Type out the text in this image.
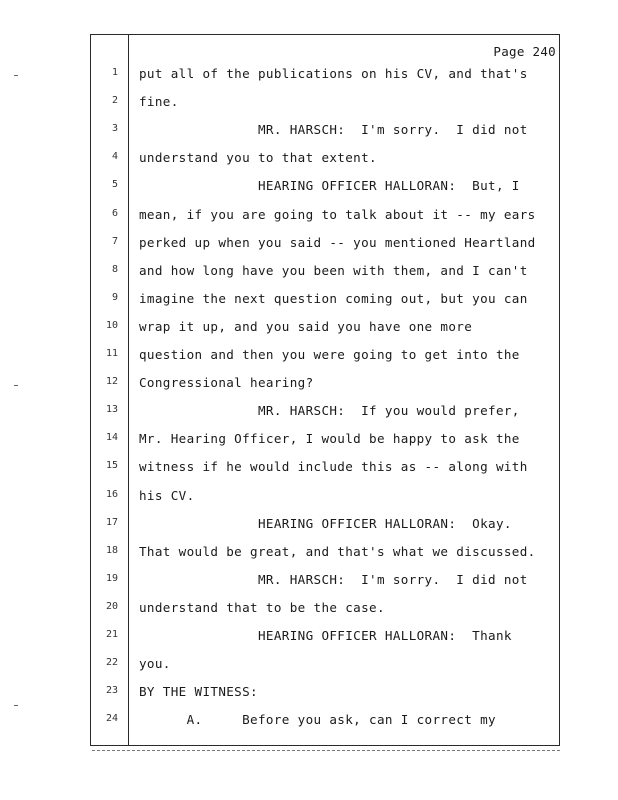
Page 240
1 put all of the publications on his CV, and that's
2 fine.
3 MR. HARSCH:  I'm sorry.  I did not
4 understand you to that extent.
5 HEARING OFFICER HALLORAN:  But, I
6 mean, if you are going to talk about it -- my ears
7 perked up when you said -- you mentioned Heartland
8 and how long have you been with them, and I can't
9 imagine the next question coming out, but you can
10 wrap it up, and you said you have one more
11 question and then you were going to get into the
12 Congressional hearing?
13 MR. HARSCH:  If you would prefer,
14 Mr. Hearing Officer, I would be happy to ask the
15 witness if he would include this as -- along with
16 his CV.
17 HEARING OFFICER HALLORAN:  Okay.
18 That would be great, and that's what we discussed.
19 MR. HARSCH:  I'm sorry.  I did not
20 understand that to be the case.
21 HEARING OFFICER HALLORAN:  Thank
22 you.
23 BY THE WITNESS:
24 A.     Before you ask, can I correct my
